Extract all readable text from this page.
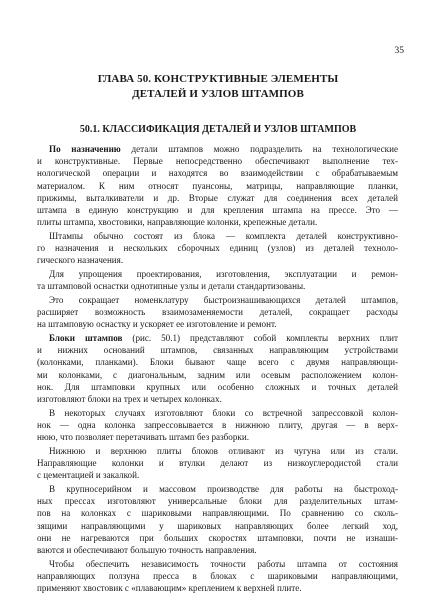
35
ГЛАВА 50. КОНСТРУКТИВНЫЕ ЭЛЕМЕНТЫ
ДЕТАЛЕЙ И УЗЛОВ ШТАМПОВ
50.1. КЛАССИФИКАЦИЯ ДЕТАЛЕЙ И УЗЛОВ ШТАМПОВ
По назначению детали штампов можно подразделить на технологические
и конструктивные. Первые непосредственно обеспечивают выполнение тех-
нологической операции и находятся во взаимодействии с обрабатываемым
материалом. К ним относят пуансоны, матрицы, направляющие планки,
прижимы, выталкиватели и др. Вторые служат для соединения всех деталей
штампа в единую конструкцию и для крепления штампа на прессе. Это —
плиты штампа, хвостовики, направляющие колонки, крепежные детали.
Штампы обычно состоят из блока — комплекта деталей конструктивно-
го назначения и нескольких сборочных единиц (узлов) из деталей техноло-
гического назначения.
Для упрощения проектирования, изготовления, эксплуатации и ремон-
та штамповой оснастки однотипные узлы и детали стандартизованы.
Это сокращает номенклатуру быстроизнашивающихся деталей штампов,
расширяет возможность взаимозаменяемости деталей, сокращает расходы
на штамповую оснастку и ускоряет ее изготовление и ремонт.
Блоки штампов (рис. 50.1) представляют собой комплекты верхних плит
и нижних оснований штампов, связанных направляющим устройствами
(колонками, планками). Блоки бывают чаще всего с двумя направляющи-
ми колонками, с диагональным, задним или осевым расположением колон-
нок. Для штамповки крупных или особенно сложных и точных деталей
изготовляют блоки на трех и четырех колонках.
В некоторых случаях изготовляют блоки со встречной запрессовкой колон-
нок — одна колонка запрессовывается в нижнюю плиту, другая — в верх-
нюю, что позволяет перетачивать штамп без разборки.
Нижнюю и верхнюю плиты блоков отливают из чугуна или из стали.
Направляющие колонки и втулки делают из низкоуглеродистой стали
с цементацией и закалкой.
В крупносерийном и массовом производстве для работы на быстроход-
ных прессах изготовляют универсальные блоки для разделительных штам-
пов на колонках с шариковыми направляющими. По сравнению со сколь-
зящими направляющими у шариковых направляющих более легкий ход,
они не нагреваются при больших скоростях штамповки, почти не изнаши-
ваются и обеспечивают большую точность направления.
Чтобы обеспечить независимость точности работы штампа от состояния
направляющих ползуна пресса в блоках с шариковыми направляющими,
применяют хвостовик с «плавающим» креплением к верхней плите.
